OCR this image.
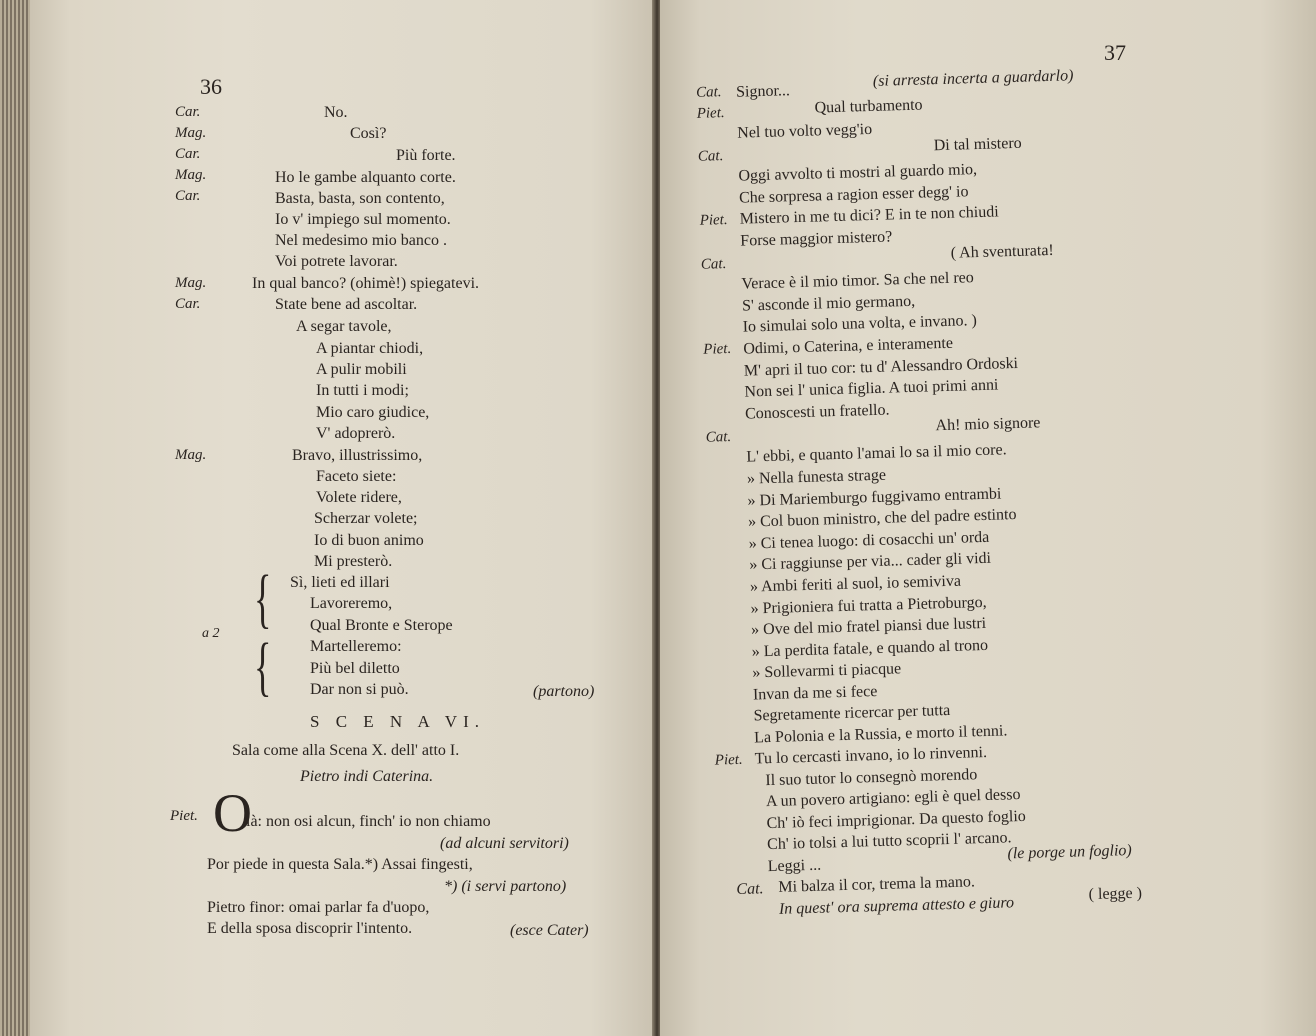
36
Car.
Mag.
Car.
Mag.
Car.
Mag.
Car.
Mag.
No.
Così?
Più forte.
Ho le gambe alquanto corte.
Basta, basta, son contento,
Io v' impiego sul momento.
Nel medesimo mio banco .
Voi potrete lavorar.
In qual banco? (ohimè!) spiegatevi.
State bene ad ascoltar.
A segar tavole,
A piantar chiodi,
A pulir mobili
In tutti i modi;
Mio caro giudice,
V' adoprerò.
Bravo, illustrissimo,
Faceto siete:
Volete ridere,
Scherzar volete;
Io di buon animo
Mi presterò.
{
{
a 2
Sì, lieti ed illari
Lavoreremo,
Qual Bronte e Sterope
Martelleremo:
Più bel diletto
Dar non si può.	(partono)
S C E N A VI.
Sala come alla Scena X. dell' atto I.
Pietro indi Caterina.
Piet. O
là: non osi alcun, finch' io non chiamo
(ad alcuni servitori)
Por piede in questa Sala.*) Assai fingesti,
*) (i servi partono)
Pietro finor: omai parlar fa d'uopo,
E della sposa discoprir l'intento.	(esce Cater)
37
Cat. Signor...
(si arresta incerta a guardarlo)
Piet.	Qual turbamento
Nel tuo volto vegg'io
Cat.
Di tal mistero
Oggi avvolto ti mostri al guardo mio,
Che sorpresa a ragion esser degg' io
Piet. Mistero in me tu dici? E in te non chiudi
Forse maggior mistero?
Cat.
( Ah sventurata!
Verace è il mio timor. Sa che nel reo
S' asconde il mio germano,
Io simulai solo una volta, e invano. )
Piet. Odimi, o Caterina, e interamente
M' apri il tuo cor: tu d' Alessandro Ordoski
Non sei l' unica figlia. A tuoi primi anni
Conoscesti un fratello.
Cat.
Ah! mio signore
L' ebbi, e quanto l'amai lo sa il mio core.
» Nella funesta strage
» Di Mariemburgo fuggivamo entrambi
» Col buon ministro, che del padre estinto
» Ci tenea luogo: di cosacchi un' orda
» Ci raggiunse per via... cader gli vidi
» Ambi feriti al suol, io semiviva
» Prigioniera fui tratta a Pietroburgo,
» Ove del mio fratel piansi due lustri
» La perdita fatale, e quando al trono
» Sollevarmi ti piacque
Invan da me si fece
Segretamente ricercar per tutta
La Polonia e la Russia, e morto il tenni.
Piet. Tu lo cercasti invano, io lo rinvenni.
Il suo tutor lo consegnò morendo
A un povero artigiano: egli è quel desso
Ch' iò feci imprigionar. Da questo foglio
Ch' io tolsi a lui tutto scoprii l' arcano.
Leggi ...
(le porge un foglio)
Cat. Mi balza il cor, trema la mano.
In quest' ora suprema attesto e giuro
( legge )
